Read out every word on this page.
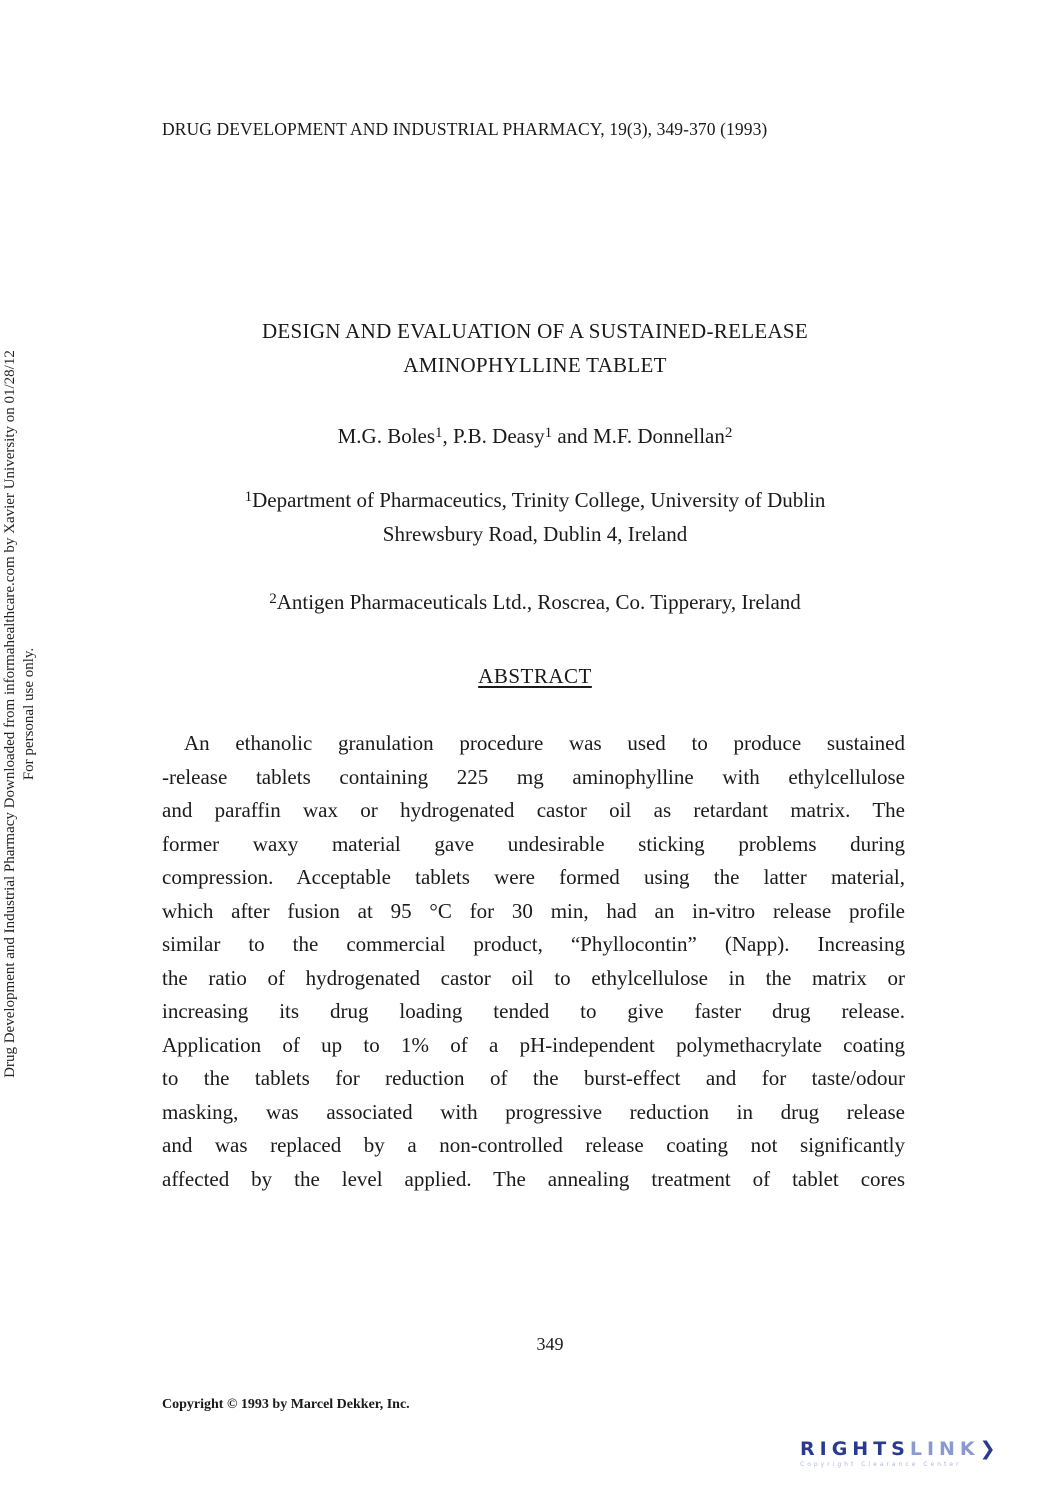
Drug Development and Industrial Pharmacy Downloaded from informahealthcare.com by Xavier University on 01/28/12 For personal use only.
DRUG DEVELOPMENT AND INDUSTRIAL PHARMACY, 19(3), 349-370 (1993)
DESIGN AND EVALUATION OF A SUSTAINED-RELEASE
AMINOPHYLLINE TABLET
M.G. Boles$^1$, P.B. Deasy$^1$ and M.F. Donnellan$^2$
$^1$Department of Pharmaceutics, Trinity College, University of Dublin
Shrewsbury Road, Dublin 4, Ireland
$^2$Antigen Pharmaceuticals Ltd., Roscrea, Co. Tipperary, Ireland
ABSTRACT
An ethanolic granulation procedure was used to produce sustained
-release tablets containing 225 mg aminophylline with ethylcellulose
and paraffin wax or hydrogenated castor oil as retardant matrix. The
former waxy material gave undesirable sticking problems during
compression. Acceptable tablets were formed using the latter material,
which after fusion at 95 °C for 30 min, had an in-vitro release profile
similar to the commercial product, “Phyllocontin” (Napp). Increasing
the ratio of hydrogenated castor oil to ethylcellulose in the matrix or
increasing its drug loading tended to give faster drug release.
Application of up to 1% of a pH-independent polymethacrylate coating
to the tablets for reduction of the burst-effect and for taste/odour
masking, was associated with progressive reduction in drug release
and was replaced by a non-controlled release coating not significantly
affected by the level applied. The annealing treatment of tablet cores
349
Copyright © 1993 by Marcel Dekker, Inc.
RIGHTSLINK❯
Copyright Clearance Center
